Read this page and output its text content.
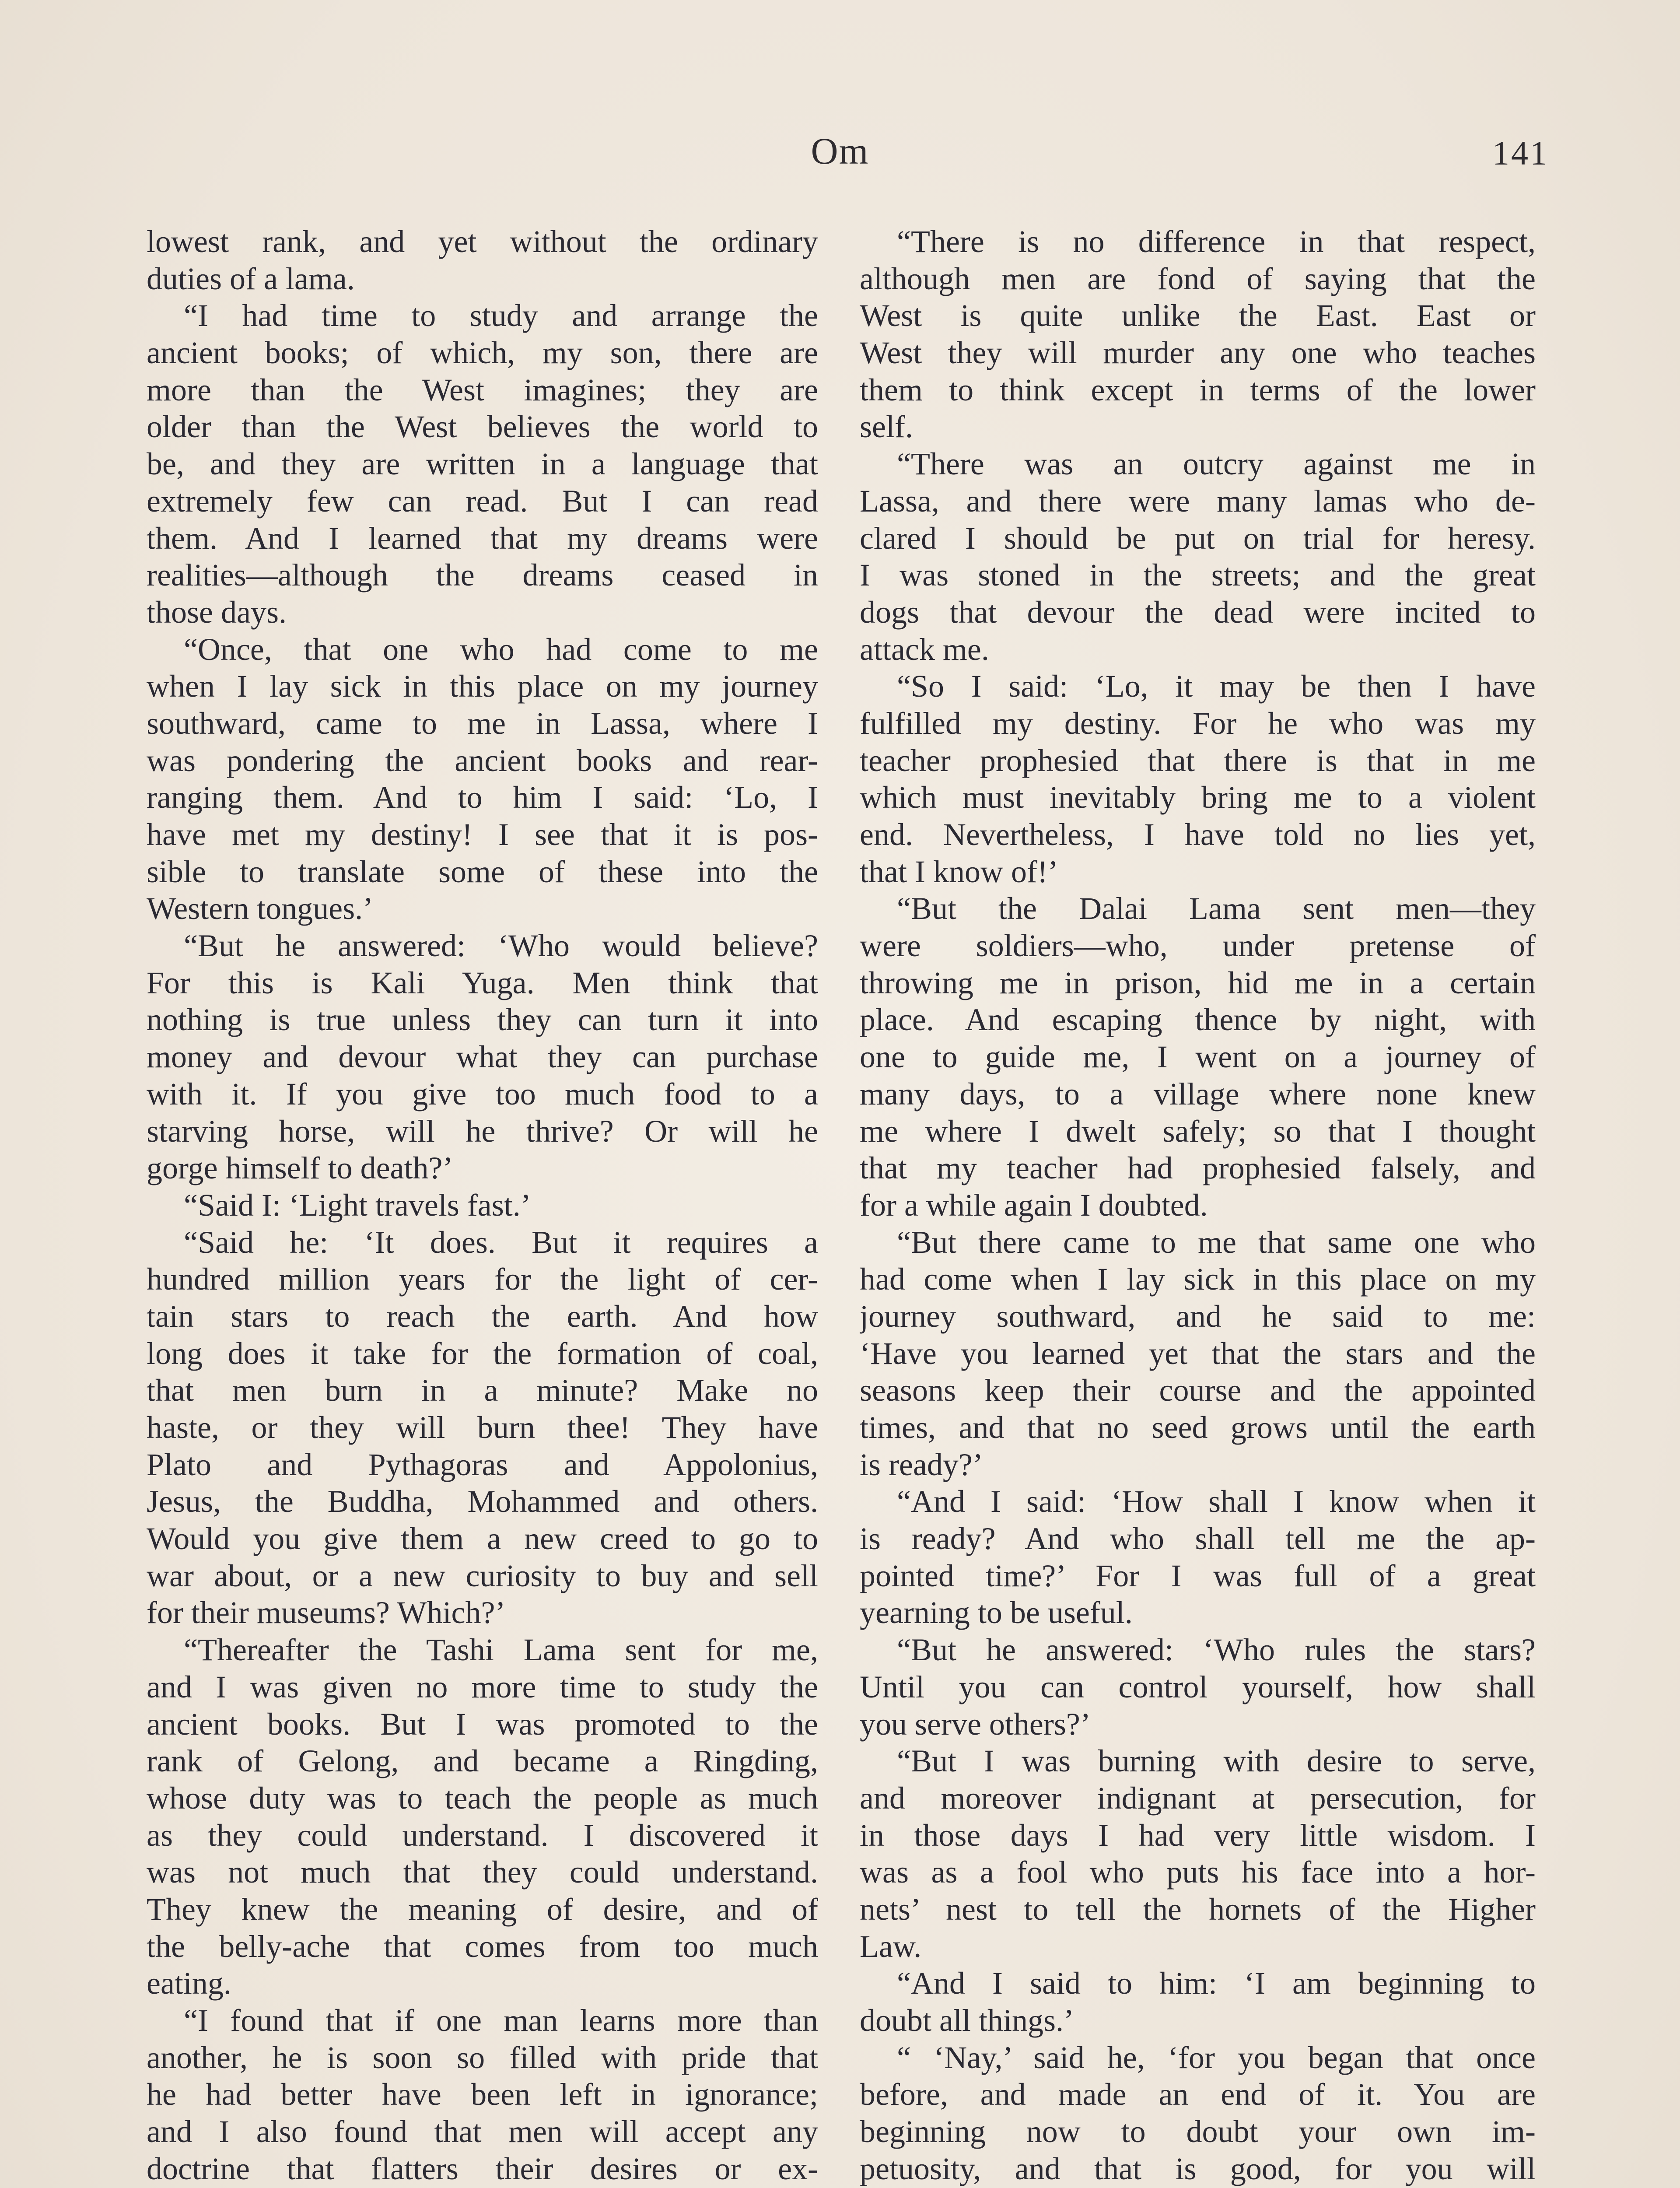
Om	141
lowest rank, and yet without the ordinary
duties of a lama.
“I had time to study and arrange the
ancient books; of which, my son, there are
more than the West imagines; they are
older than the West believes the world to
be, and they are written in a language that
extremely few can read. But I can read
them. And I learned that my dreams were
realities—although the dreams ceased in
those days.
“Once, that one who had come to me
when I lay sick in this place on my journey
southward, came to me in Lassa, where I
was pondering the ancient books and rear-
ranging them. And to him I said: ‘Lo, I
have met my destiny! I see that it is pos-
sible to translate some of these into the
Western tongues.’
“But he answered: ‘Who would believe?
For this is Kali Yuga. Men think that
nothing is true unless they can turn it into
money and devour what they can purchase
with it. If you give too much food to a
starving horse, will he thrive? Or will he
gorge himself to death?’
“Said I: ‘Light travels fast.’
“Said he: ‘It does. But it requires a
hundred million years for the light of cer-
tain stars to reach the earth. And how
long does it take for the formation of coal,
that men burn in a minute? Make no
haste, or they will burn thee! They have
Plato and Pythagoras and Appolonius,
Jesus, the Buddha, Mohammed and others.
Would you give them a new creed to go to
war about, or a new curiosity to buy and sell
for their museums? Which?’
“Thereafter the Tashi Lama sent for me,
and I was given no more time to study the
ancient books. But I was promoted to the
rank of Gelong, and became a Ringding,
whose duty was to teach the people as much
as they could understand. I discovered it
was not much that they could understand.
They knew the meaning of desire, and of
the belly-ache that comes from too much
eating.
“I found that if one man learns more than
another, he is soon so filled with pride that
he had better have been left in ignorance;
and I also found that men will accept any
doctrine that flatters their desires or ex-
“There is no difference in that respect,
although men are fond of saying that the
West is quite unlike the East. East or
West they will murder any one who teaches
them to think except in terms of the lower
self.
“There was an outcry against me in
Lassa, and there were many lamas who de-
clared I should be put on trial for heresy.
I was stoned in the streets; and the great
dogs that devour the dead were incited to
attack me.
“So I said: ‘Lo, it may be then I have
fulfilled my destiny. For he who was my
teacher prophesied that there is that in me
which must inevitably bring me to a violent
end. Nevertheless, I have told no lies yet,
that I know of!’
“But the Dalai Lama sent men—they
were soldiers—who, under pretense of
throwing me in prison, hid me in a certain
place. And escaping thence by night, with
one to guide me, I went on a journey of
many days, to a village where none knew
me where I dwelt safely; so that I thought
that my teacher had prophesied falsely, and
for a while again I doubted.
“But there came to me that same one who
had come when I lay sick in this place on my
journey southward, and he said to me:
‘Have you learned yet that the stars and the
seasons keep their course and the appointed
times, and that no seed grows until the earth
is ready?’
“And I said: ‘How shall I know when it
is ready? And who shall tell me the ap-
pointed time?’ For I was full of a great
yearning to be useful.
“But he answered: ‘Who rules the stars?
Until you can control yourself, how shall
you serve others?’
“But I was burning with desire to serve,
and moreover indignant at persecution, for
in those days I had very little wisdom. I
was as a fool who puts his face into a hor-
nets’ nest to tell the hornets of the Higher
Law.
“And I said to him: ‘I am beginning to
doubt all things.’
“ ‘Nay,’ said he, ‘for you began that once
before, and made an end of it. You are
beginning now to doubt your own im-
petuosity, and that is good, for you will
